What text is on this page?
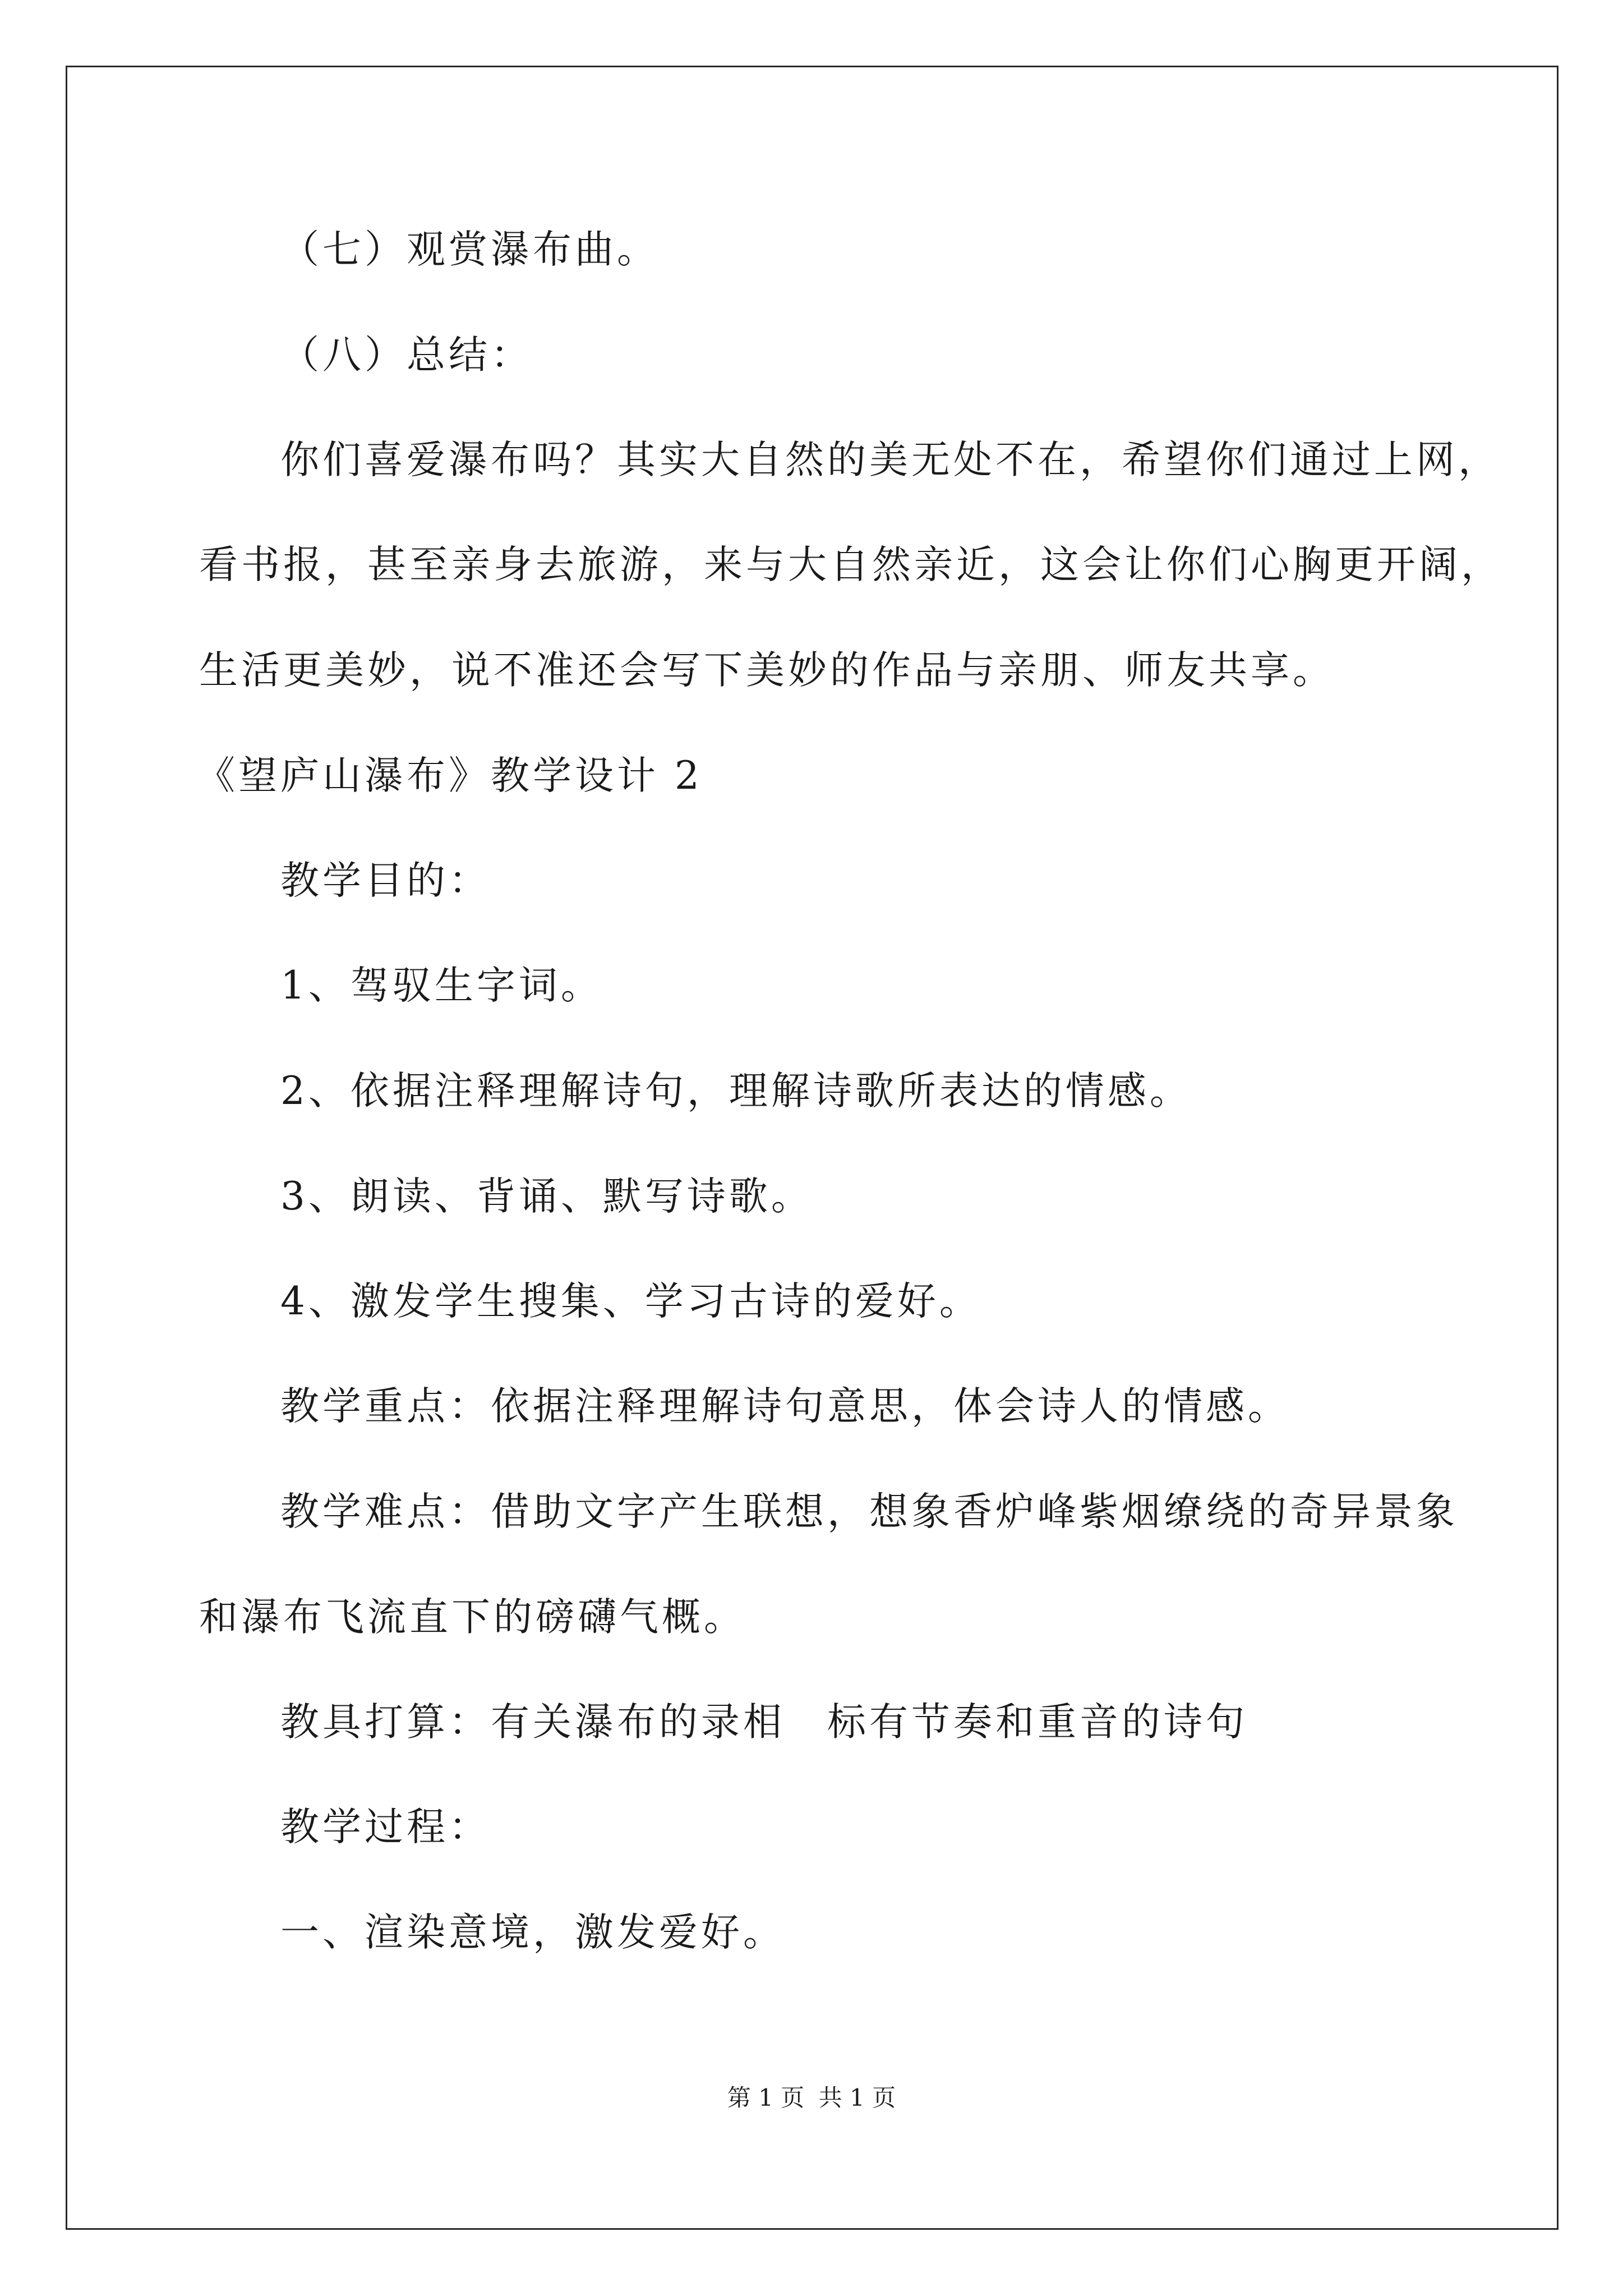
（七）观赏瀑布曲。
（八）总结：
你们喜爱瀑布吗？其实大自然的美无处不在，希望你们通过上网，
看书报，甚至亲身去旅游，来与大自然亲近，这会让你们心胸更开阔，
生活更美妙，说不准还会写下美妙的作品与亲朋、师友共享。
《望庐山瀑布》教学设计 2
教学目的：
1、驾驭生字词。
2、依据注释理解诗句，理解诗歌所表达的情感。
3、朗读、背诵、默写诗歌。
4、激发学生搜集、学习古诗的爱好。
教学重点：依据注释理解诗句意思，体会诗人的情感。
教学难点：借助文字产生联想，想象香炉峰紫烟缭绕的奇异景象
和瀑布飞流直下的磅礴气概。
教具打算：有关瀑布的录相　标有节奏和重音的诗句
教学过程：
一、渲染意境，激发爱好。
第 1 页 共 1 页
